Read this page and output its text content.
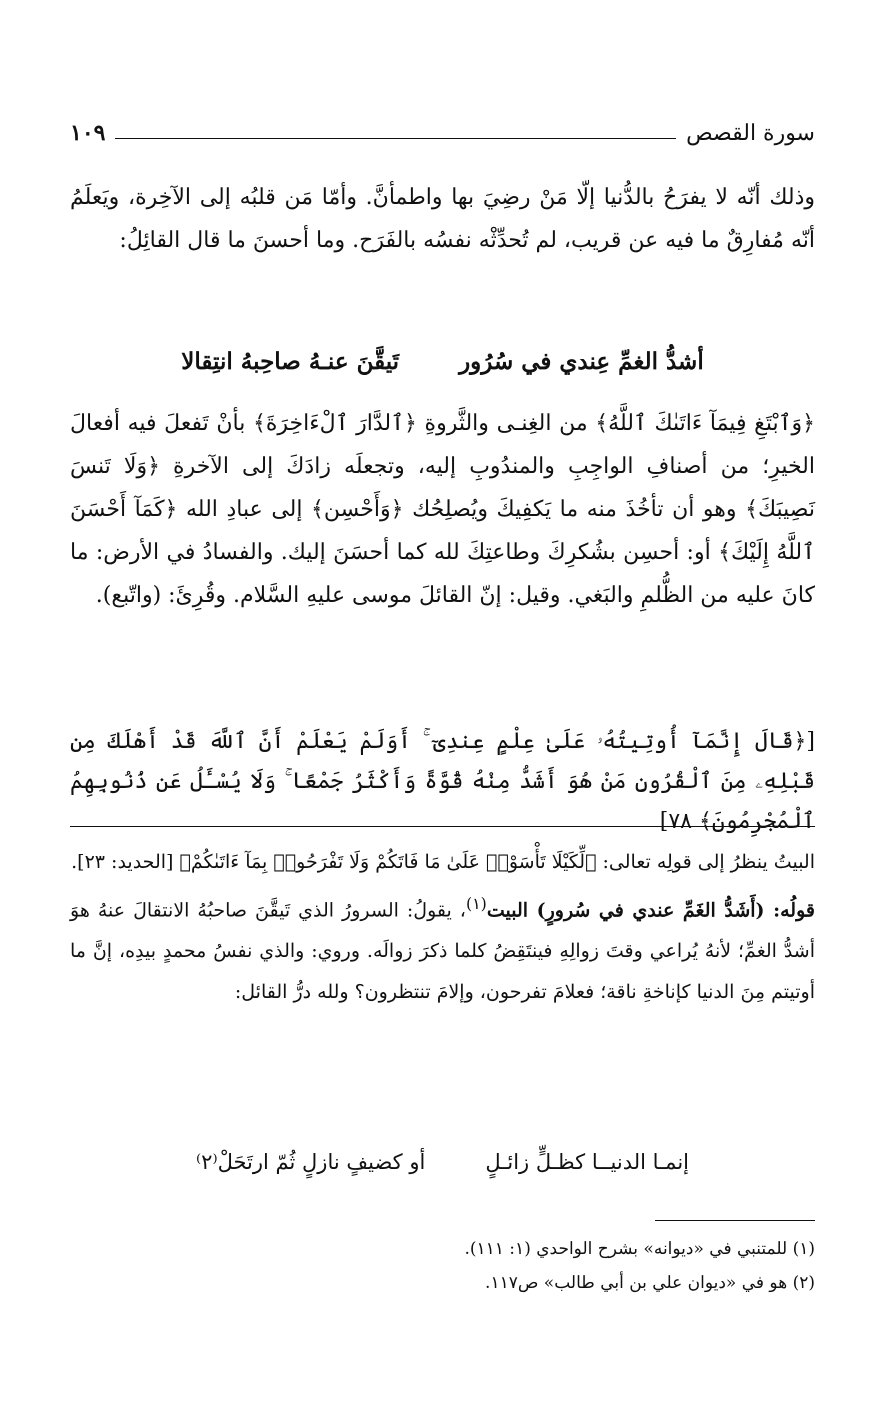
سورة القصص
١٠٩

وذلك أنّه لا يفرَحُ بالدُّنيا إلّا مَنْ رضِيَ بها واطمأنَّ. وأمّا مَن قلبُه إلى الآخِرة، ويَعلَمُ أنّه مُفارِقٌ ما فيه عن قريب، لم تُحدِّثْه نفسُه بالفَرَح. وما أحسنَ ما قال القائِلُ:

أشدُّ الغمِّ عِندي في سُرُور
تَيقَّنَ عنـهُ صاحِبهُ انتِقالا

﴿وَٱبْتَغِ فِيمَآ ءَاتَىٰكَ ٱللَّهُ﴾ من الغِنـى والثَّروةِ ﴿ٱلدَّارَ ٱلْءَاخِرَةَ﴾ بأنْ تَفعلَ فيه أفعالَ الخيرِ؛ من أصنافِ الواجِبِ والمندُوبِ إليه، وتجعلَه زادَكَ إلى الآخرةِ ﴿وَلَا تَنسَ نَصِيبَكَ﴾ وهو أن تأخُذَ منه ما يَكفِيكَ ويُصلِحُك ﴿وَأَحْسِن﴾ إلى عبادِ الله ﴿كَمَآ أَحْسَنَ ٱللَّهُ إِلَيْكَ﴾ أو: أحسِن بشُكرِكَ وطاعتِكَ لله كما أحسَنَ إليك. والفسادُ في الأرض: ما كانَ عليه من الظُّلمِ والبَغي. وقيل: إنّ القائلَ موسى عليهِ السَّلام. وقُرِئَ: (واتّبع).

[﴿قَالَ إِنَّمَآ أُوتِيتُهُۥ عَلَىٰ عِلْمٍ عِندِىٓ ۚ أَوَلَمْ يَعْلَمْ أَنَّ ٱللَّهَ قَدْ أَهْلَكَ مِن قَبْلِهِۦ مِنَ ٱلْقُرُونِ مَنْ هُوَ أَشَدُّ مِنْهُ قُوَّةً وَأَكْثَرُ جَمْعًا ۚ وَلَا يُسْـَٔلُ عَن ذُنُوبِهِمُ ٱلْمُجْرِمُونَ﴾ ٧٨]

البيتُ ينظرُ إلى قولِه تعالى: ﴿لِّكَيْلَا تَأْسَوْا۟ عَلَىٰ مَا فَاتَكُمْ وَلَا تَفْرَحُوا۟ بِمَآ ءَاتَىٰكُمْ﴾ [الحديد: ٢٣].

قولُه: (أَشَدُّ الغَمِّ عندي في سُرورٍ) البيت$^{(١)}$، يقولُ: السرورُ الذي تَيقَّنَ صاحبُهُ الانتقالَ عنهُ هوَ أشدُّ الغمِّ؛ لأنهُ يُراعي وقتَ زوالِهِ فينتَقِضُ كلما ذكرَ زوالَه. وروي: والذي نفسُ محمدٍ بيدِه، إنَّ ما أوتيتم مِنَ الدنيا كإناخةِ ناقة؛ فعلامَ تفرحون، وإلامَ تنتظرون؟ ولله درُّ القائل:

إنمـا الدنيــا كظـلٍّ زائـلٍ
أو كضيفٍ نازلٍ ثُمّ ارتَحَلْ⁽٢⁾

(١) للمتنبي في «ديوانه» بشرح الواحدي (١: ١١١).

(٢) هو في «ديوان علي بن أبي طالب» ص١١٧.
